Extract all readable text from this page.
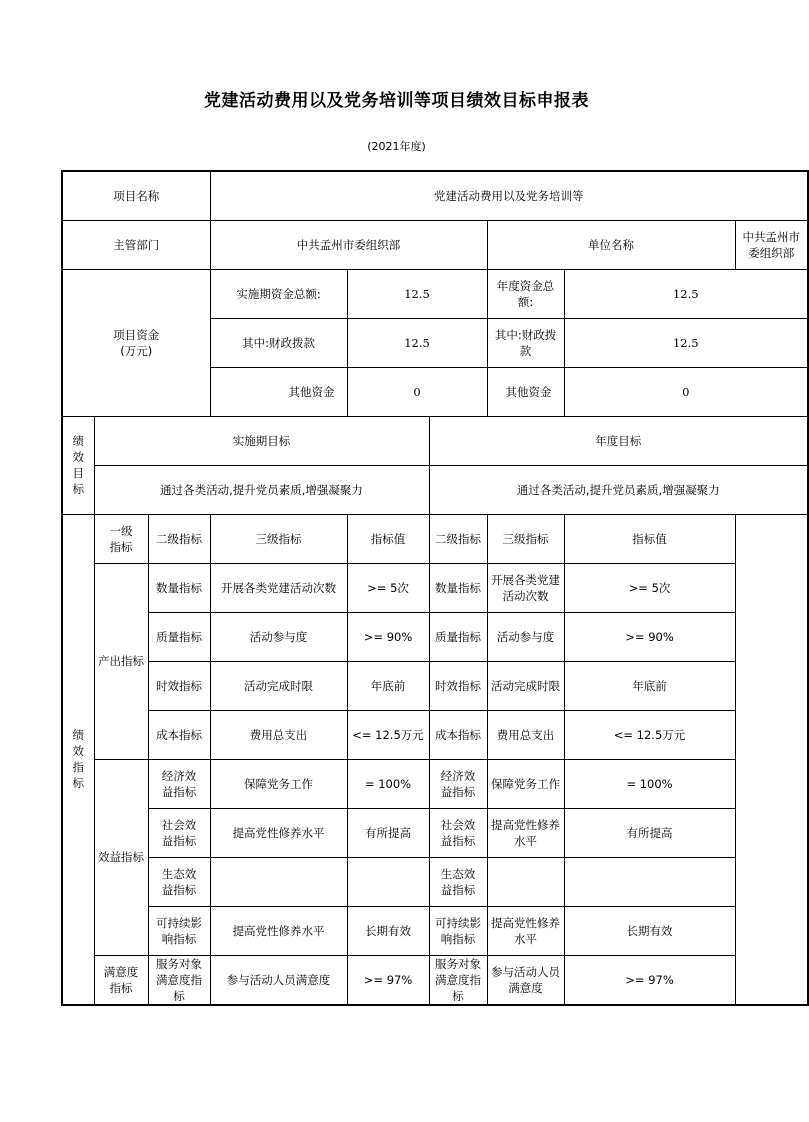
党建活动费用以及党务培训等项目绩效目标申报表
(2021年度)
项目名称			党建活动费用以及党务培训等					
主管部门			中共孟州市委组织部			单位名称		中共孟州市委组织部

项目资金
(万元)			实施期资金总额:	12.5		年度资金总额:	12.5	
			其中:财政拨款	12.5		其中:财政拨款	12.5	
			其他资金	0		其他资金	0	
绩效目标	实施期目标				年度目标			
	通过各类活动,提升党员素质,增强凝聚力				通过各类活动,提升党员素质,增强凝聚力			
绩效指标	一级指标	二级指标	三级指标	指标值	二级指标	三级指标	指标值	
	产出指标	数量指标	开展各类党建活动次数	>= 5次	数量指标	开展各类党建活动次数	>= 5次	
		质量指标	活动参与度	>= 90%	质量指标	活动参与度	>= 90%	
		时效指标	活动完成时限	年底前	时效指标	活动完成时限	年底前	
		成本指标	费用总支出	<= 12.5万元	成本指标	费用总支出	<= 12.5万元	
	效益指标	经济效益指标	保障党务工作	= 100%	经济效益指标	保障党务工作	= 100%	
		社会效益指标	提高党性修养水平	有所提高	社会效益指标	提高党性修养水平	有所提高	
		生态效益指标			生态效益指标			
		可持续影响指标	提高党性修养水平	长期有效	可持续影响指标	提高党性修养水平	长期有效	
	满意度指标	服务对象满意度指标	参与活动人员满意度	>= 97%	服务对象满意度指标	参与活动人员满意度	>= 97%	
